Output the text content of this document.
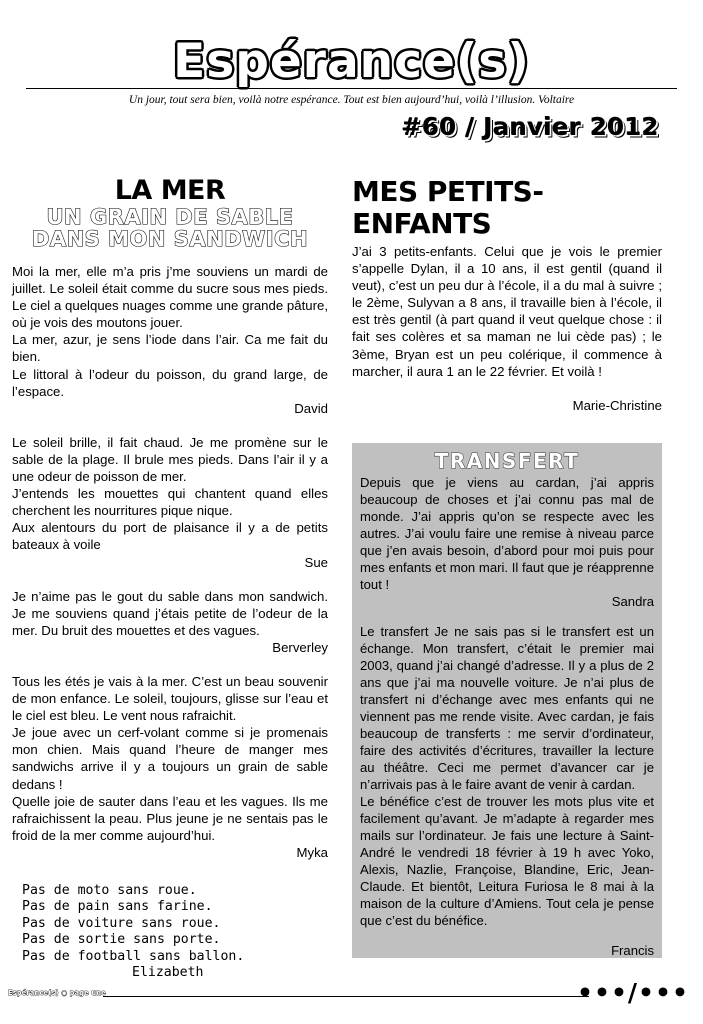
Espérance(s)
Un jour, tout sera bien, voilà notre espérance. Tout est bien aujourd’hui, voilà l’illusion. Voltaire
#60 / Janvier 2012
LA MER
UN GRAIN DE SABLE
DANS MON SANDWICH

Moi la mer, elle m’a pris j’me souviens un mardi de juillet. Le soleil était comme du sucre sous mes pieds. Le ciel a quelques nuages comme une grande pâture, où je vois des moutons jouer.

La mer, azur, je sens l’iode dans l’air. Ca me fait du bien.

Le littoral à l’odeur du poisson, du grand large, de l’espace.

David

Le soleil brille, il fait chaud. Je me promène sur le sable de la plage. Il brule mes pieds. Dans l’air il y a une odeur de poisson de mer.

J’entends les mouettes qui chantent quand elles cherchent les nourritures pique nique.

Aux alentours du port de plaisance il y a de petits bateaux à voile

Sue

Je n’aime pas le gout du sable dans mon sandwich. Je me souviens quand j’étais petite de l’odeur de la mer. Du bruit des mouettes et des vagues.

Berverley

Tous les étés je vais à la mer. C’est un beau souvenir de mon enfance. Le soleil, toujours, glisse sur l’eau et le ciel est bleu. Le vent nous rafraichit.

Je joue avec un cerf-volant comme si je promenais mon chien. Mais quand l’heure de manger mes sandwichs arrive il y a toujours un grain de sable dedans !

Quelle joie de sauter dans l’eau et les vagues. Ils me rafraichissent la peau. Plus jeune je ne sentais pas le froid de la mer comme aujourd’hui.

Myka

Pas de moto sans roue.

Pas de pain sans farine.

Pas de voiture sans roue.

Pas de sortie sans porte.

Pas de football sans ballon.

Elizabeth

MES PETITS-ENFANTS

J’ai 3 petits-enfants. Celui que je vois le premier s’appelle Dylan, il a 10 ans, il est gentil (quand il veut), c’est un peu dur à l’école, il a du mal à suivre ; le 2ème, Sulyvan a 8 ans, il travaille bien à l’école, il est très gentil (à part quand il veut quelque chose : il fait ses colères et sa maman ne lui cède pas) ; le 3ème, Bryan est un peu colérique, il commence à marcher, il aura 1 an le 22 février. Et voilà !

Marie-Christine

TRANSFERT

Depuis que je viens au cardan, j’ai appris beaucoup de choses et j’ai connu pas mal de monde. J’ai appris qu’on se respecte avec les autres. J’ai voulu faire une remise à niveau parce que j’en avais besoin, d’abord pour moi puis pour mes enfants et mon mari. Il faut que je réapprenne tout !

Sandra

Le transfert Je ne sais pas si le transfert est un échange. Mon transfert, c’était le premier mai 2003, quand j’ai changé d’adresse. Il y a plus de 2 ans que j’ai ma nouvelle voiture. Je n’ai plus de transfert ni d’échange avec mes enfants qui ne viennent pas me rende visite. Avec cardan, je fais beaucoup de transferts : me servir d’ordinateur, faire des activités d’écritures, travailler la lecture au théâtre. Ceci me permet d’avancer car je n’arrivais pas à le faire avant de venir à cardan.

Le bénéfice c’est de trouver les mots plus vite et facilement qu’avant. Je m’adapte à regarder mes mails sur l’ordinateur. Je fais une lecture à Saint-André le vendredi 18 février à 19 h avec Yoko, Alexis, Nazlie, Françoise, Blandine, Eric, Jean-Claude. Et bientôt, Leitura Furiosa le 8 mai à la maison de la culture d’Amiens. Tout cela je pense que c’est du bénéfice.

Francis

Espérance(s) ○ page une	•••/•••
